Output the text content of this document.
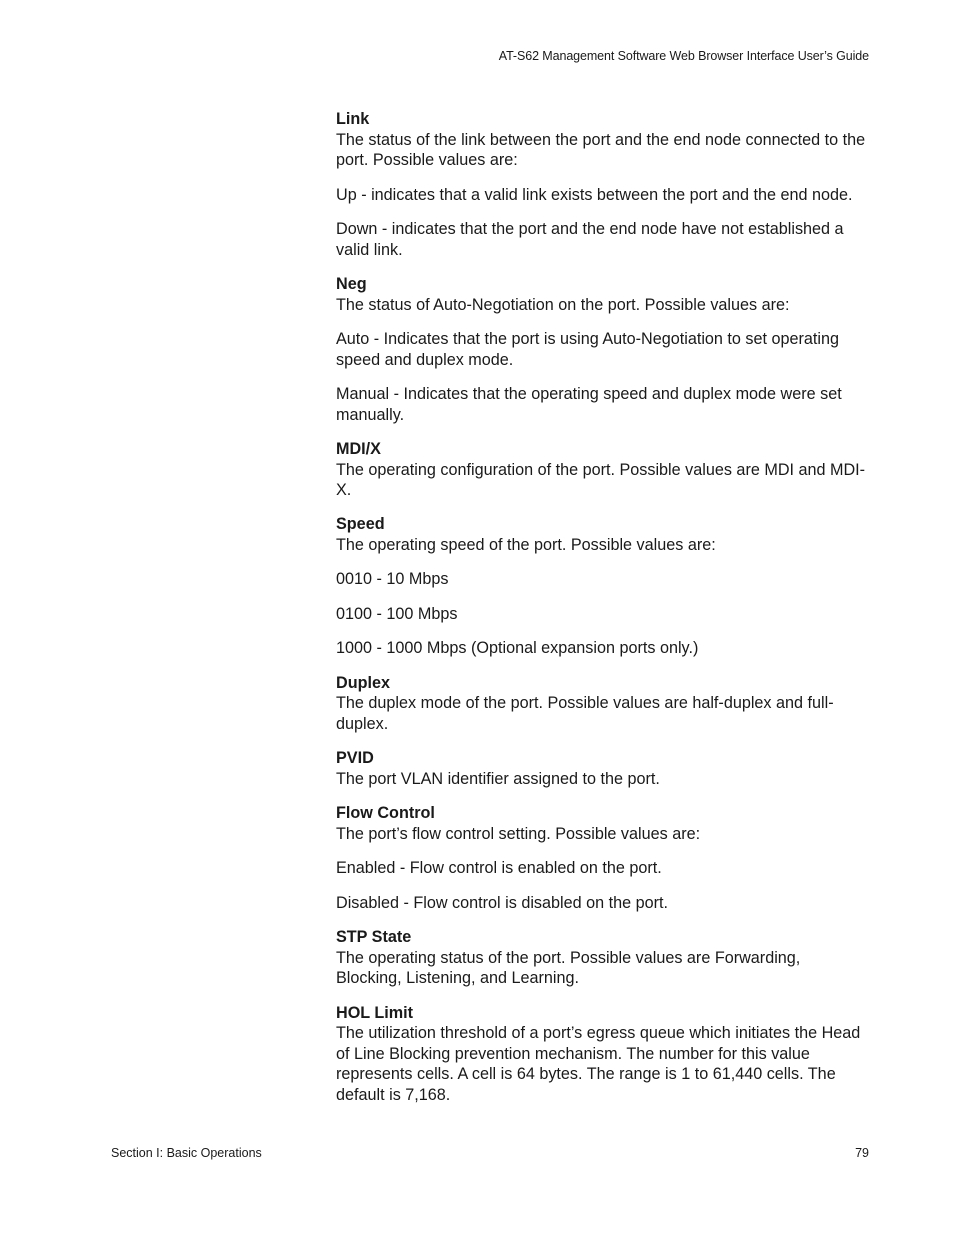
AT-S62 Management Software Web Browser Interface User’s Guide

Link

The status of the link between the port and the end node connected to the port. Possible values are:

Up - indicates that a valid link exists between the port and the end node.

Down - indicates that the port and the end node have not established a valid link.

Neg

The status of Auto-Negotiation on the port. Possible values are:

Auto - Indicates that the port is using Auto-Negotiation to set operating speed and duplex mode.

Manual - Indicates that the operating speed and duplex mode were set manually.

MDI/X

The operating configuration of the port. Possible values are MDI and MDI-X.

Speed

The operating speed of the port. Possible values are:

0010 - 10 Mbps

0100 - 100 Mbps

1000 - 1000 Mbps (Optional expansion ports only.)

Duplex

The duplex mode of the port. Possible values are half-duplex and full-duplex.

PVID

The port VLAN identifier assigned to the port.

Flow Control

The port’s flow control setting. Possible values are:

Enabled - Flow control is enabled on the port.

Disabled - Flow control is disabled on the port.

STP State

The operating status of the port. Possible values are Forwarding, Blocking, Listening, and Learning.

HOL Limit

The utilization threshold of a port’s egress queue which initiates the Head of Line Blocking prevention mechanism. The number for this value represents cells. A cell is 64 bytes. The range is 1 to 61,440 cells. The default is 7,168.

Section I: Basic Operations	79
